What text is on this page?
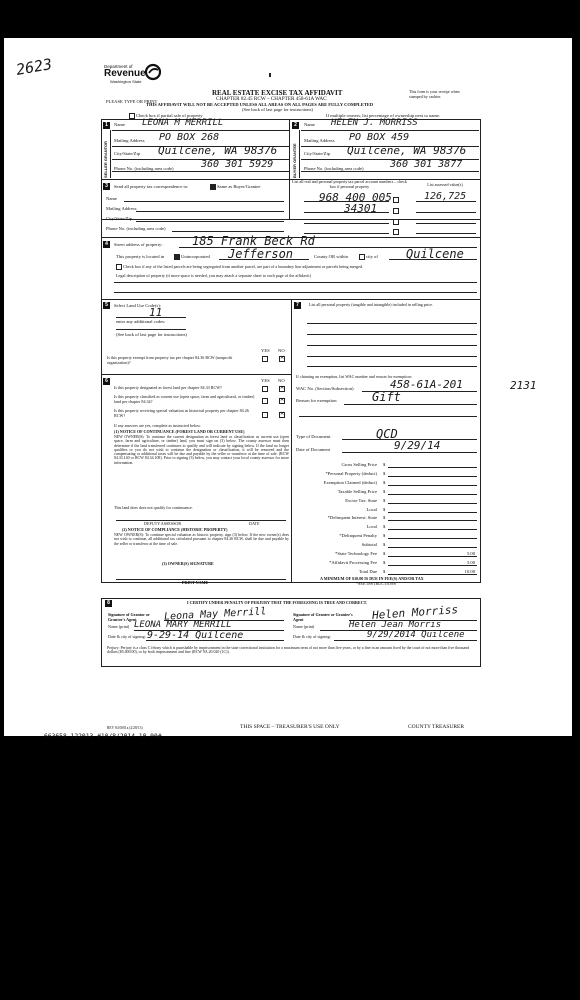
2623	Department of
Revenue
Washington State
REAL ESTATE EXCISE TAX AFFIDAVIT
CHAPTER 82.45 RCW – CHAPTER 458-61A WAC
THIS AFFIDAVIT WILL NOT BE ACCEPTED UNLESS ALL AREAS ON ALL PAGES ARE FULLY COMPLETED
(See back of last page for instructions)
PLEASE TYPE OR PRINT
This form is your receipt when stamped by cashier.
Check box if partial sale of property	If multiple owners, list percentage of ownership next to name.
1
SELLER GRANTOR
Name LEONA M MERRILL
Mailing Address PO BOX 268
City/State/Zip Quilcene, WA 98376
Phone No. (including area code)	360 301 5929
2
BUYER GRANTEE
Name HELEN J. MORRISS
Mailing Address PO BOX 459
City/State/Zip Quilcene, WA 98376
Phone No. (including area code)	360 301 3877
3	Send all property tax correspondence to:	Same as Buyer/Grantee
Name
Mailing Address
City/State/Zip
Phone No. (including area code)
List all real and personal property tax parcel account numbers – check box if personal property	List assessed value(s)
968 400 005
34301
126,725
4	Street address of property: 185 Frank Beck Rd
This property is located in	Unincorporated Jefferson	County OR within	city of Quilcene
Check box if any of the listed parcels are being segregated from another parcel, are part of a boundary line adjustment or parcels being merged.
Legal description of property (if more space is needed, you may attach a separate sheet to each page of the affidavit)
5	Select Land Use Code(s):
11
enter any additional codes:
(See back of last page for instructions)
YES NO
Is this property exempt from property tax per chapter 84.36 RCW (nonprofit organization)?
✕
7	List all personal property (tangible and intangible) included in selling price.
6	YES NO
Is this property designated as forest land per chapter 84.33 RCW?	✕
Is this property classified as current use (open space, farm and agricultural, or timber) land per chapter 84.34?	✕
Is this property receiving special valuation as historical property per chapter 84.26 RCW?	✕
If any answers are yes, complete as instructed below.
(1) NOTICE OF CONTINUANCE (FOREST LAND OR CURRENT USE)
NEW OWNER(S): To continue the current designation as forest land or classification as current use (open space, farm and agriculture, or timber) land, you must sign on (3) below. The county assessor must then determine if the land transferred continues to qualify and will indicate by signing below. If the land no longer qualifies or you do not wish to continue the designation or classification, it will be removed and the compensating or additional taxes will be due and payable by the seller or transferor at the time of sale. (RCW 84.33.140 or RCW 84.34.108). Prior to signing (3) below, you may contact your local county assessor for more information.
This land does does not qualify for continuance.
DEPUTY ASSESSOR	DATE
(2) NOTICE OF COMPLIANCE (HISTORIC PROPERTY)
NEW OWNER(S): To continue special valuation as historic property, sign (3) below. If the new owner(s) does not wish to continue, all additional tax calculated pursuant to chapter 84.26 RCW, shall be due and payable by the seller or transferor at the time of sale.
(3) OWNER(S) SIGNATURE
PRINT NAME
If claiming an exemption, list WAC number and reason for exemption:
WAC No. (Section/Subsection)	458-61A-201	2131
Reason for exemption	Gift
Type of Document	QCD
Date of Document	9/29/14
Gross Selling Price $
*Personal Property (deduct) $
Exemption Claimed (deduct) $
Taxable Selling Price $
Excise Tax: State $
Local $
*Delinquent Interest: State $
Local $
*Delinquent Penalty $
Subtotal $
*State Technology Fee $	5.00
*Affidavit Processing Fee $	5.00
Total Due $	10.00
A MINIMUM OF $10.00 IS DUE IN FEE(S) AND/OR TAX
*SEE INSTRUCTIONS
8	I CERTIFY UNDER PENALTY OF PERJURY THAT THE FOREGOING IS TRUE AND CORRECT.
Signature of Grantor or Grantor's Agent	Leona May Merrill
Name (print) LEONA MARY MERRILL
Date & city of signing: 9-29-14 Quilcene
Signature of Grantee or Grantee's Agent	Helen Morriss
Name (print)	Helen Jean Morris
Date & city of signing:	9/29/2014 Quilcene
Perjury: Perjury is a class C felony which is punishable by imprisonment in the state correctional institution for a maximum term of not more than five years, or by a fine in an amount fixed by the court of not more than five thousand dollars ($5,000.00), or by both imprisonment and fine (RCW 9A.20.020 (1C)).
REV 84 0001a (2/28/13)
663658 122013 #10/8/2014 10.00#
THIS SPACE – TREASURER'S USE ONLY	COUNTY TREASURER
